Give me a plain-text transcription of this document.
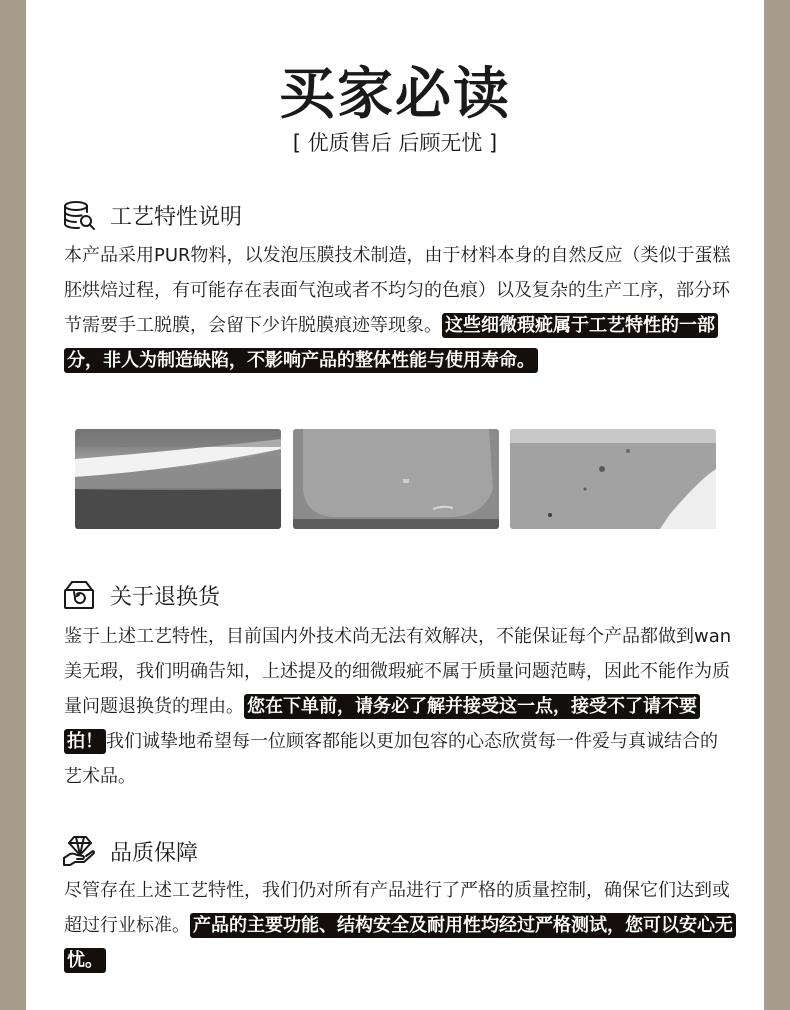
买家必读
[ 优质售后 后顾无忧 ]
工艺特性说明
本产品采用PUR物料，以发泡压膜技术制造，由于材料本身的自然反应（类似于蛋糕胚烘焙过程，有可能存在表面气泡或者不均匀的色痕）以及复杂的生产工序，部分环节需要手工脱膜，会留下少许脱膜痕迹等现象。 这些细微瑕疵属于工艺特性的一部分，非人为制造缺陷，不影响产品的整体性能与使用寿命。
关于退换货
鉴于上述工艺特性，目前国内外技术尚无法有效解决，不能保证每个产品都做到wan美无瑕，我们明确告知，上述提及的细微瑕疵不属于质量问题范畴，因此不能作为质量问题退换货的理由。 您在下单前，请务必了解并接受这一点，接受不了请不要拍！ 我们诚挚地希望每一位顾客都能以更加包容的心态欣赏每一件爱与真诚结合的艺术品。
品质保障
尽管存在上述工艺特性，我们仍对所有产品进行了严格的质量控制，确保它们达到或超过行业标准。 产品的主要功能、结构安全及耐用性均经过严格测试，您可以安心无忧。
